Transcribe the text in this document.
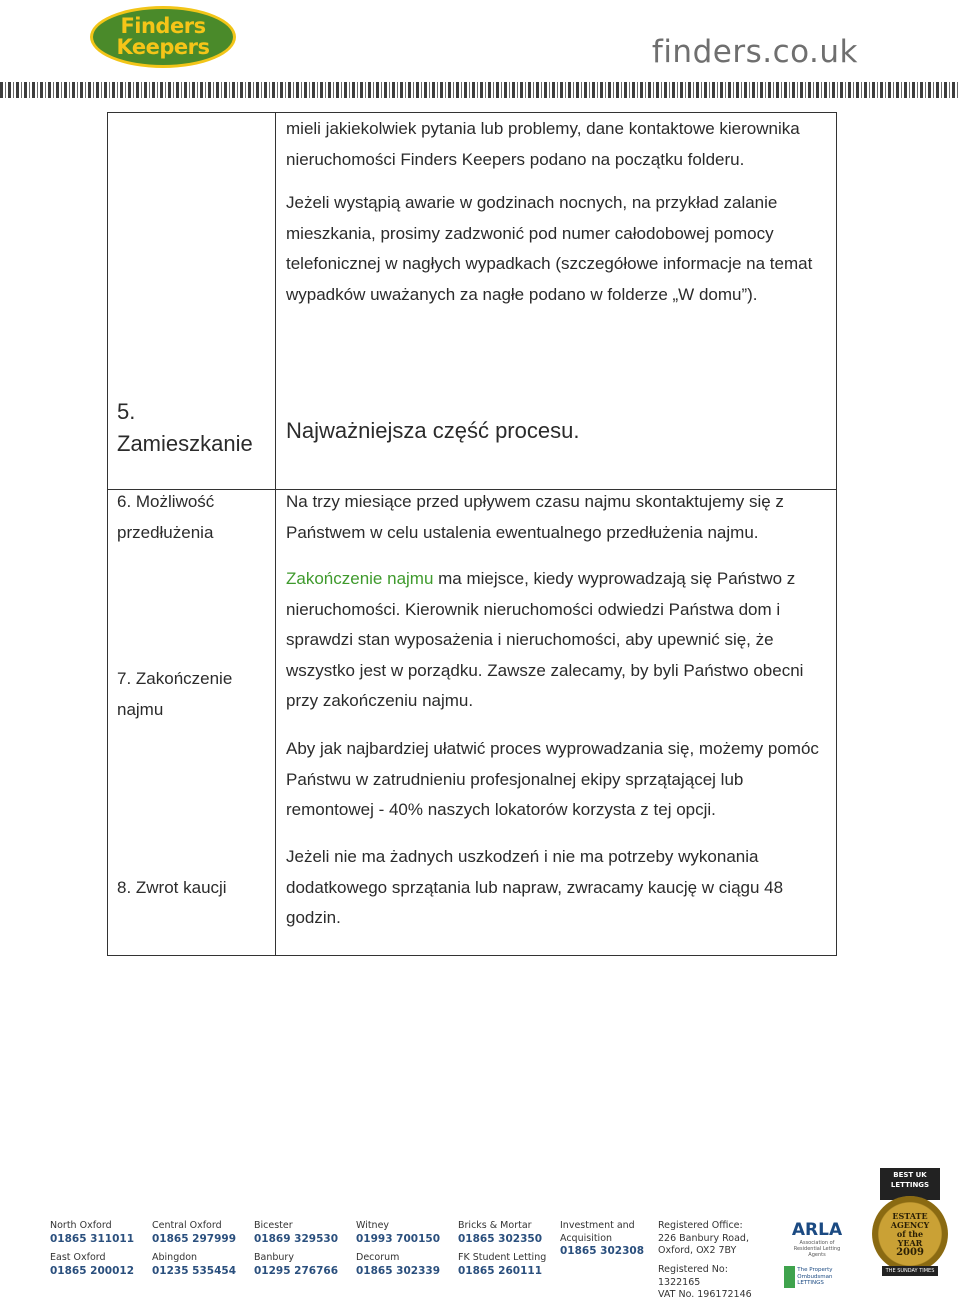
Finders
Keepers	finders.co.uk

mieli jakiekolwiek pytania lub problemy, dane kontaktowe kierownika nieruchomości Finders Keepers podano na początku folderu.

Jeżeli wystąpią awarie w godzinach nocnych, na przykład zalanie mieszkania, prosimy zadzwonić pod numer całodobowej pomocy telefonicznej w nagłych wypadkach (szczegółowe informacje na temat wypadków uważanych za nagłe podano w folderze „W domu”).

5.
Zamieszkanie

Najważniejsza część procesu.

6. Możliwość przedłużenia

Na trzy miesiące przed upływem czasu najmu skontaktujemy się z Państwem w celu ustalenia ewentualnego przedłużenia najmu.

7. Zakończenie najmu

Zakończenie najmu ma miejsce, kiedy wyprowadzają się Państwo z nieruchomości. Kierownik nieruchomości odwiedzi Państwa dom i sprawdzi stan wyposażenia i nieruchomości, aby upewnić się, że wszystko jest w porządku. Zawsze zalecamy, by byli Państwo obecni przy zakończeniu najmu.

Aby jak najbardziej ułatwić proces wyprowadzania się, możemy pomóc Państwu w zatrudnieniu profesjonalnej ekipy sprzątającej lub remontowej - 40% naszych lokatorów korzysta z tej opcji.

8. Zwrot kaucji

Jeżeli nie ma żadnych uszkodzeń i nie ma potrzeby wykonania dodatkowego sprzątania lub napraw, zwracamy kaucję w ciągu 48 godzin.

North Oxford
01865 311011
East Oxford
01865 200012
Central Oxford
01865 297999
Abingdon
01235 535454
Bicester
01869 329530
Banbury
01295 276766
Witney
01993 700150
Decorum
01865 302339
Bricks & Mortar
01865 302350
FK Student Letting
01865 260111
Investment and Acquisition
01865 302308
Registered Office:
226 Banbury Road, Oxford, OX2 7BY
Registered No: 1322165
VAT No. 196172146
ARLA
Association of Residential Letting Agents
The Property Ombudsman LETTINGS
BEST UK LETTINGS
ESTATE
AGENCY
of the
YEAR
2009
THE SUNDAY TIMES
